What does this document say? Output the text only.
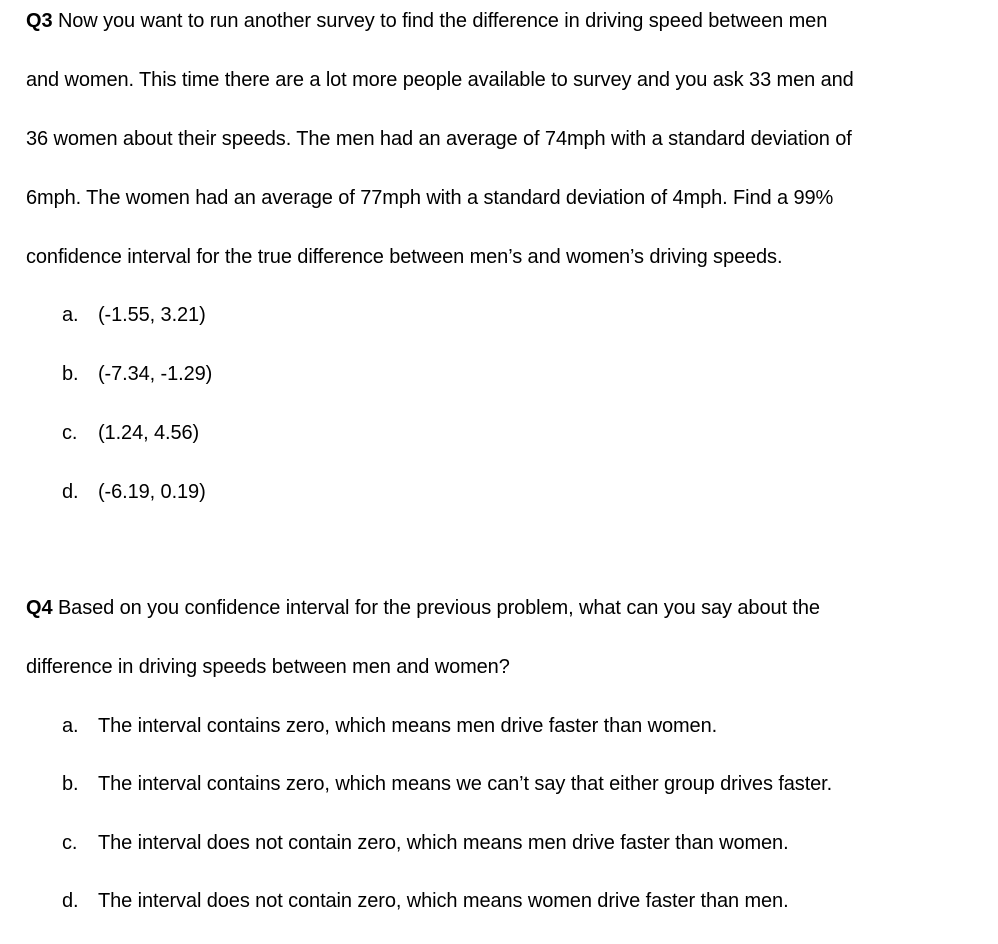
Q3 Now you want to run another survey to find the difference in driving speed between men
and women. This time there are a lot more people available to survey and you ask 33 men and
36 women about their speeds. The men had an average of 74mph with a standard deviation of
6mph. The women had an average of 77mph with a standard deviation of 4mph. Find a 99%
confidence interval for the true difference between men’s and women’s driving speeds.
a. (-1.55, 3.21)
b. (-7.34, -1.29)
c. (1.24, 4.56)
d. (-6.19, 0.19)
Q4 Based on you confidence interval for the previous problem, what can you say about the
difference in driving speeds between men and women?
a. The interval contains zero, which means men drive faster than women.
b. The interval contains zero, which means we can’t say that either group drives faster.
c. The interval does not contain zero, which means men drive faster than women.
d. The interval does not contain zero, which means women drive faster than men.
